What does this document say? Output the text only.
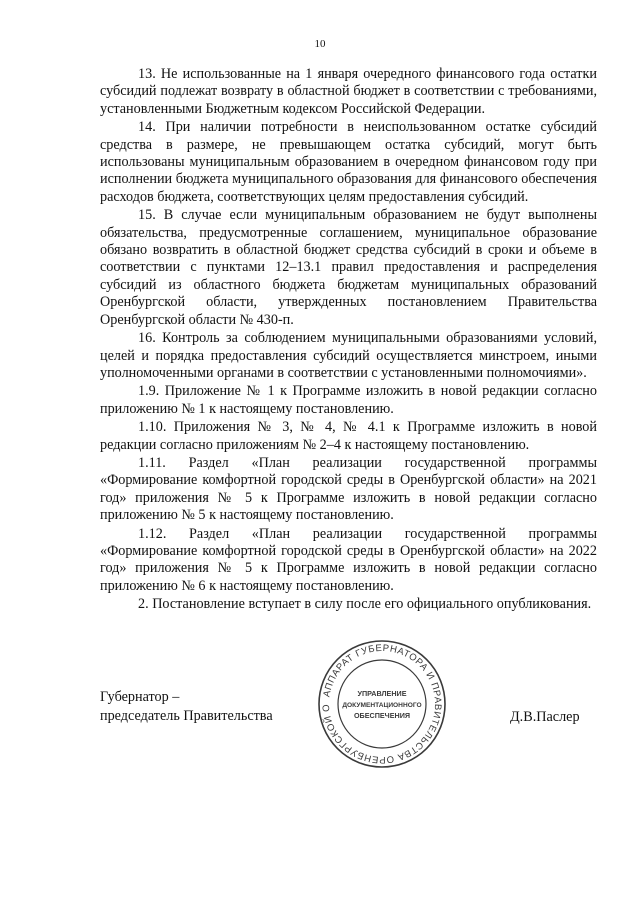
10

13. Не использованные на 1 января очередного финансового года остатки субсидий подлежат возврату в областной бюджет в соответствии с требованиями, установленными Бюджетным кодексом Российской Федерации.

14. При наличии потребности в неиспользованном остатке субсидий средства в размере, не превышающем остатка субсидий, могут быть использованы муниципальным образованием в очередном финансовом году при исполнении бюджета муниципального образования для финансового обеспечения расходов бюджета, соответствующих целям предоставления субсидий.

15. В случае если муниципальным образованием не будут выполнены обязательства, предусмотренные соглашением, муниципальное образование обязано возвратить в областной бюджет средства субсидий в сроки и объеме в соответствии с пунктами 12–13.1 правил предоставления и распределения субсидий из областного бюджета бюджетам муниципальных образований Оренбургской области, утвержденных постановлением Правительства Оренбургской области № 430-п.

16. Контроль за соблюдением муниципальными образованиями условий, целей и порядка предоставления субсидий осуществляется минстроем, иными уполномоченными органами в соответствии с установленными полномочиями».

1.9. Приложение № 1 к Программе изложить в новой редакции согласно приложению № 1 к настоящему постановлению.

1.10. Приложения № 3, № 4, № 4.1 к Программе изложить в новой редакции согласно приложениям № 2–4 к настоящему постановлению.

1.11. Раздел «План реализации государственной программы «Формирование комфортной городской среды в Оренбургской области» на 2021 год» приложения № 5 к Программе изложить в новой редакции согласно приложению № 5 к настоящему постановлению.

1.12. Раздел «План реализации государственной программы «Формирование комфортной городской среды в Оренбургской области» на 2022 год» приложения № 5 к Программе изложить в новой редакции согласно приложению № 6 к настоящему постановлению.

2. Постановление вступает в силу после его официального опубликования.

Губернатор –
председатель Правительства
АППАРАТ ГУБЕРНАТОРА И ПРАВИТЕЛЬСТВА ОРЕНБУРГСКОЙ О
УПРАВЛЕНИЕ
ДОКУМЕНТАЦИОННОГО
ОБЕСПЕЧЕНИЯ	Д.В.Паслер
